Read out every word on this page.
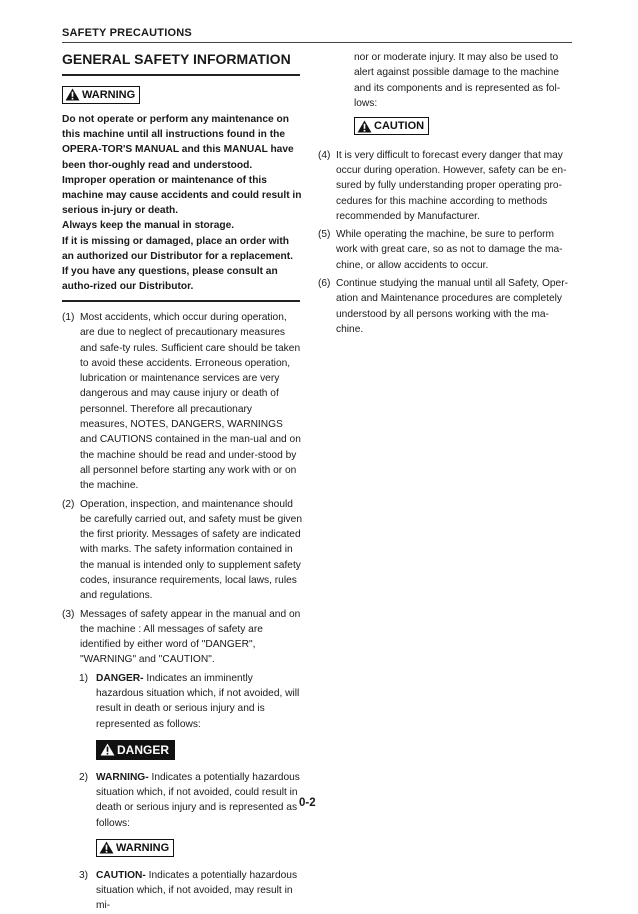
SAFETY PRECAUTIONS
GENERAL SAFETY INFORMATION
WARNING

Do not operate or perform any maintenance on this machine until all instructions found in the OPERA-TOR'S MANUAL and this MANUAL have been thor-oughly read and understood.

Improper operation or maintenance of this machine may cause accidents and could result in serious in-jury or death.

Always keep the manual in storage.

If it is missing or damaged, place an order with an authorized our Distributor for a replacement.

If you have any questions, please consult an autho-rized our Distributor.

(1) Most accidents, which occur during operation, are due to neglect of precautionary measures and safe-ty rules. Sufficient care should be taken to avoid these accidents. Erroneous operation, lubrication or maintenance services are very dangerous and may cause injury or death of personnel. Therefore all precautionary measures, NOTES, DANGERS, WARNINGS and CAUTIONS contained in the man-ual and on the machine should be read and under-stood by all personnel before starting any work with or on the machine.
(2) Operation, inspection, and maintenance should be carefully carried out, and safety must be given the first priority. Messages of safety are indicated with marks. The safety information contained in the manual is intended only to supplement safety codes, insurance requirements, local laws, rules and regulations.
(3) Messages of safety appear in the manual and on the machine : All messages of safety are identified by either word of "DANGER", "WARNING" and "CAUTION".
1) DANGER- Indicates an imminently hazardous situation which, if not avoided, will result in death or serious injury and is represented as follows:
DANGER
2) WARNING- Indicates a potentially hazardous situation which, if not avoided, could result in death or serious injury and is represented as follows:
WARNING
3) CAUTION- Indicates a potentially hazardous situation which, if not avoided, may result in mi-
nor or moderate injury. It may also be used to alert against possible damage to the machine and its components and is represented as fol-lows:
CAUTION
(4) It is very difficult to forecast every danger that may occur during operation. However, safety can be en-sured by fully understanding proper operating pro-cedures for this machine according to methods recommended by Manufacturer.
(5) While operating the machine, be sure to perform work with great care, so as not to damage the ma-chine, or allow accidents to occur.
(6) Continue studying the manual until all Safety, Oper-ation and Maintenance procedures are completely understood by all persons working with the ma-chine.
0-2
